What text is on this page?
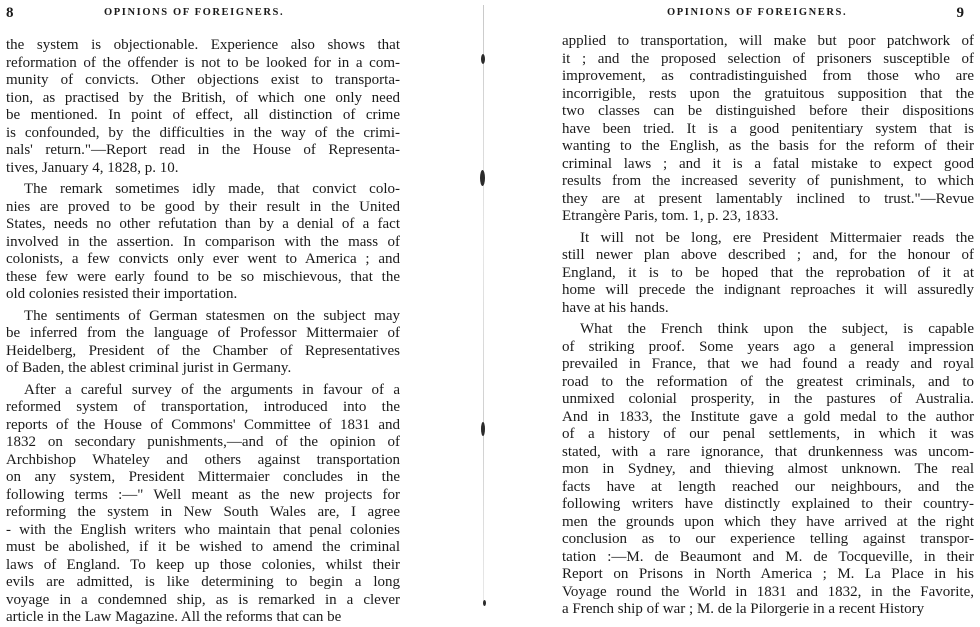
8	OPINIONS OF FOREIGNERS.
the system is objectionable. Experience also shows that
reformation of the offender is not to be looked for in a com-
munity of convicts. Other objections exist to transporta-
tion, as practised by the British, of which one only need
be mentioned. In point of effect, all distinction of crime
is confounded, by the difficulties in the way of the crimi-
nals' return."—Report read in the House of Representa-
tives, January 4, 1828, p. 10.
The remark sometimes idly made, that convict colo-
nies are proved to be good by their result in the United
States, needs no other refutation than by a denial of a fact
involved in the assertion. In comparison with the mass of
colonists, a few convicts only ever went to America ; and
these few were early found to be so mischievous, that the
old colonies resisted their importation.
The sentiments of German statesmen on the subject may
be inferred from the language of Professor Mittermaier of
Heidelberg, President of the Chamber of Representatives
of Baden, the ablest criminal jurist in Germany.
After a careful survey of the arguments in favour of a
reformed system of transportation, introduced into the
reports of the House of Commons' Committee of 1831 and
1832 on secondary punishments,—and of the opinion of
Archbishop Whateley and others against transportation
on any system, President Mittermaier concludes in the
following terms :—" Well meant as the new projects for
reforming the system in New South Wales are, I agree
- with the English writers who maintain that penal colonies
must be abolished, if it be wished to amend the criminal
laws of England. To keep up those colonies, whilst their
evils are admitted, is like determining to begin a long
voyage in a condemned ship, as is remarked in a clever
article in the Law Magazine. All the reforms that can be
OPINIONS OF FOREIGNERS.	9
applied to transportation, will make but poor patchwork of
it ; and the proposed selection of prisoners susceptible of
improvement, as contradistinguished from those who are
incorrigible, rests upon the gratuitous supposition that the
two classes can be distinguished before their dispositions
have been tried. It is a good penitentiary system that is
wanting to the English, as the basis for the reform of their
criminal laws ; and it is a fatal mistake to expect good
results from the increased severity of punishment, to which
they are at present lamentably inclined to trust."—Revue
Etrangère Paris, tom. 1, p. 23, 1833.
It will not be long, ere President Mittermaier reads the
still newer plan above described ; and, for the honour of
England, it is to be hoped that the reprobation of it at
home will precede the indignant reproaches it will assuredly
have at his hands.
What the French think upon the subject, is capable
of striking proof. Some years ago a general impression
prevailed in France, that we had found a ready and royal
road to the reformation of the greatest criminals, and to
unmixed colonial prosperity, in the pastures of Australia.
And in 1833, the Institute gave a gold medal to the author
of a history of our penal settlements, in which it was
stated, with a rare ignorance, that drunkenness was uncom-
mon in Sydney, and thieving almost unknown. The real
facts have at length reached our neighbours, and the
following writers have distinctly explained to their country-
men the grounds upon which they have arrived at the right
conclusion as to our experience telling against transpor-
tation :—M. de Beaumont and M. de Tocqueville, in their
Report on Prisons in North America ; M. La Place in his
Voyage round the World in 1831 and 1832, in the Favorite,
a French ship of war ; M. de la Pilorgerie in a recent History
